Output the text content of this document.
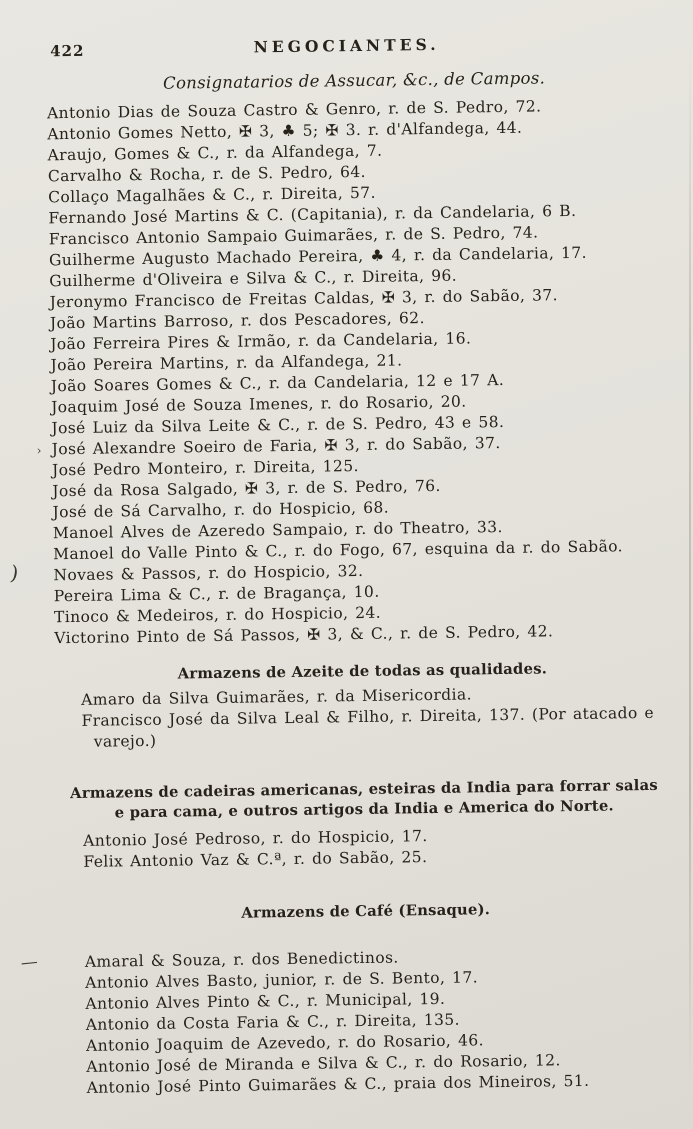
422	NEGOCIANTES.
Consignatarios de Assucar, &c., de Campos.
Antonio Dias de Souza Castro & Genro, r. de S. Pedro, 72.
Antonio Gomes Netto, ✠ 3, ♣ 5; ✠ 3. r. d'Alfandega, 44.
Araujo, Gomes & C., r. da Alfandega, 7.
Carvalho & Rocha, r. de S. Pedro, 64.
Collaço Magalhães & C., r. Direita, 57.
Fernando José Martins & C. (Capitania), r. da Candelaria, 6 B.
Francisco Antonio Sampaio Guimarães, r. de S. Pedro, 74.
Guilherme Augusto Machado Pereira, ♣ 4, r. da Candelaria, 17.
Guilherme d'Oliveira e Silva & C., r. Direita, 96.
Jeronymo Francisco de Freitas Caldas, ✠ 3, r. do Sabão, 37.
João Martins Barroso, r. dos Pescadores, 62.
João Ferreira Pires & Irmão, r. da Candelaria, 16.
João Pereira Martins, r. da Alfandega, 21.
João Soares Gomes & C., r. da Candelaria, 12 e 17 A.
Joaquim José de Souza Imenes, r. do Rosario, 20.
José Luiz da Silva Leite & C., r. de S. Pedro, 43 e 58.
› José Alexandre Soeiro de Faria, ✠ 3, r. do Sabão, 37.
José Pedro Monteiro, r. Direita, 125.
José da Rosa Salgado, ✠ 3, r. de S. Pedro, 76.
José de Sá Carvalho, r. do Hospicio, 68.
Manoel Alves de Azeredo Sampaio, r. do Theatro, 33.
Manoel do Valle Pinto & C., r. do Fogo, 67, esquina da r. do Sabão.
) Novaes & Passos, r. do Hospicio, 32.
Pereira Lima & C., r. de Bragança, 10.
Tinoco & Medeiros, r. do Hospicio, 24.
Victorino Pinto de Sá Passos, ✠ 3, & C., r. de S. Pedro, 42.
Armazens de Azeite de todas as qualidades.
Amaro da Silva Guimarães, r. da Misericordia.
Francisco José da Silva Leal & Filho, r. Direita, 137. (Por atacado e varejo.)
Armazens de cadeiras americanas, esteiras da India para forrar salas e para cama, e outros artigos da India e America do Norte.
Antonio José Pedroso, r. do Hospicio, 17.
Felix Antonio Vaz & C.ª, r. do Sabão, 25.
Armazens de Café (Ensaque).
—	Amaral & Souza, r. dos Benedictinos.
Antonio Alves Basto, junior, r. de S. Bento, 17.
Antonio Alves Pinto & C., r. Municipal, 19.
Antonio da Costa Faria & C., r. Direita, 135.
Antonio Joaquim de Azevedo, r. do Rosario, 46.
Antonio José de Miranda e Silva & C., r. do Rosario, 12.
Antonio José Pinto Guimarães & C., praia dos Mineiros, 51.
